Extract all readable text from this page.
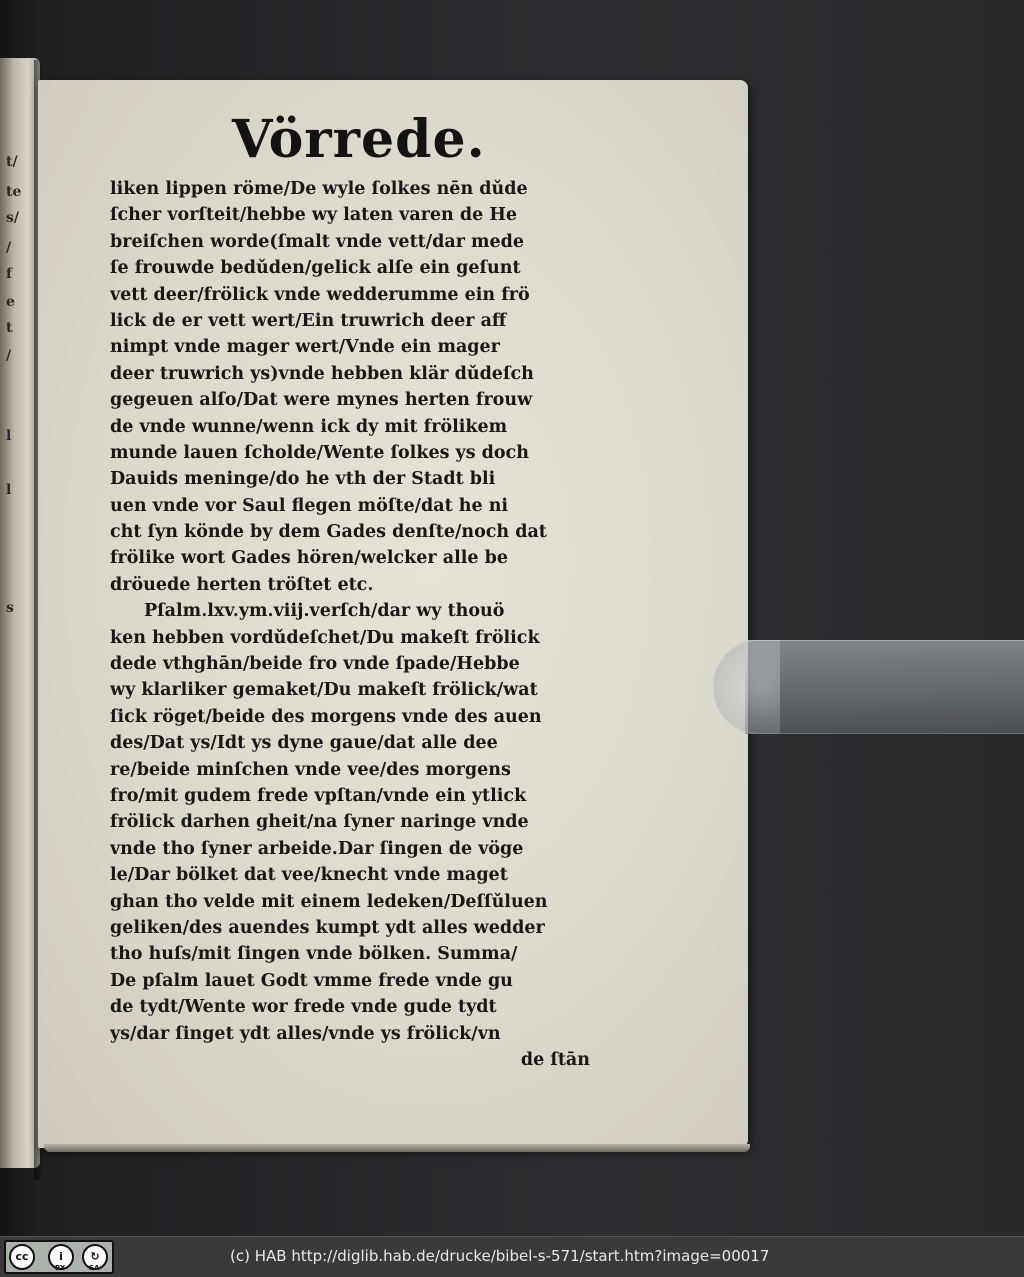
t/
te
s/
/
f
e
t
/
l
l
s
Vörrede.
liken lippen röme/De wyle ſolkes nēn dǔde
ſcher vorſteit/hebbe wy laten varen de He
breiſchen worde(ſmalt vnde vett/dar mede
ſe frouwde bedǔden/gelick alſe ein geſunt
vett deer/frölick vnde wedderumme ein frö
lick de er vett wert/Ein truwrich deer aff
nimpt vnde mager wert/Vnde ein mager
deer truwrich ys)vnde hebben klär dǔdeſch
gegeuen alſo/Dat were mynes herten frouw
de vnde wunne/wenn ick dy mit frölikem
munde lauen ſcholde/Wente ſolkes ys doch
Dauids meninge/do he vth der Stadt bli
uen vnde vor Saul flegen möſte/dat he ni
cht ſyn könde by dem Gades denſte/noch dat
frölike wort Gades hören/welcker alle be
dröuede herten tröſtet etc.
Pſalm.lxv.ym.viij.verſch/dar wy thouö
ken hebben vordǔdeſchet/Du makeſt frölick
dede vthghān/beide fro vnde ſpade/Hebbe
wy klarliker gemaket/Du makeſt frölick/wat
ſick röget/beide des morgens vnde des auen
des/Dat ys/Idt ys dyne gaue/dat alle dee
re/beide minſchen vnde vee/des morgens
fro/mit gudem frede vpſtan/vnde ein ytlick
frölick darhen gheit/na ſyner naringe vnde
vnde tho ſyner arbeide.Dar ſingen de vöge
le/Dar bölket dat vee/knecht vnde maget
ghan tho velde mit einem ledeken/Deſſǔluen
geliken/des auendes kumpt ydt alles wedder
tho huſs/mit ſingen vnde bölken. Summa/
De pſalm lauet Godt vmme frede vnde gu
de tydt/Wente wor frede vnde gude tydt
ys/dar ſinget ydt alles/vnde ys frölick/vn
de ſtān
cc	i	↻
BY	SA
(c) HAB http://diglib.hab.de/drucke/bibel-s-571/start.htm?image=00017
